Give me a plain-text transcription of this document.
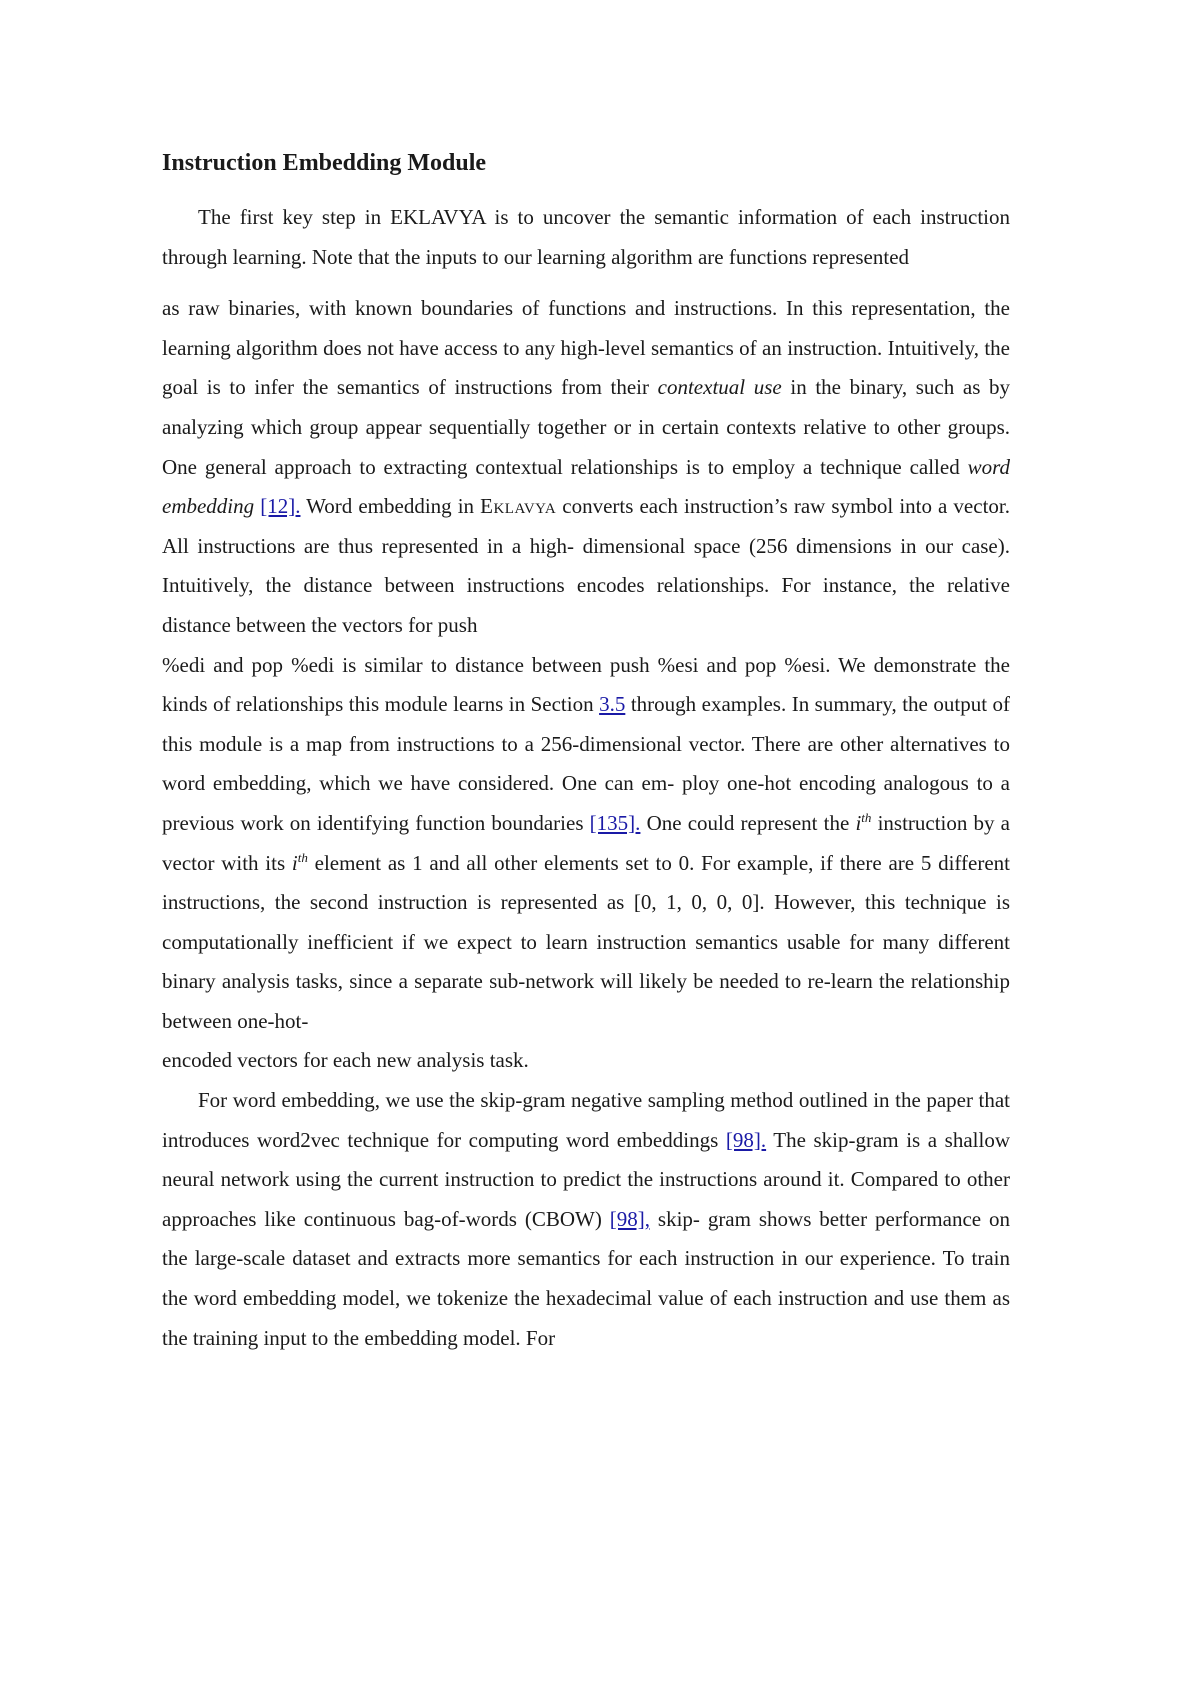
Instruction Embedding Module

The first key step in EKLAVYA is to uncover the semantic information of each instruction through learning. Note that the inputs to our learning algorithm are functions represented

as raw binaries, with known boundaries of functions and instructions. In this representation, the learning algorithm does not have access to any high-level semantics of an instruction. Intuitively, the goal is to infer the semantics of instructions from their contextual use in the binary, such as by analyzing which group appear sequentially together or in certain contexts relative to other groups. One general approach to extracting contextual relationships is to employ a technique called word embedding [12]. Word embedding in Eklavya converts each instruction’s raw symbol into a vector. All instructions are thus represented in a high- dimensional space (256 dimensions in our case). Intuitively, the distance between instructions encodes relationships. For instance, the relative distance between the vectors for push

%edi and pop %edi is similar to distance between push %esi and pop %esi. We demonstrate the kinds of relationships this module learns in Section 3.5 through examples. In summary, the output of this module is a map from instructions to a 256-dimensional vector. There are other alternatives to word embedding, which we have considered. One can em- ploy one-hot encoding analogous to a previous work on identifying function boundaries [135]. One could represent the $i^{th}$ instruction by a vector with its $i^{th}$ element as 1 and all other elements set to 0. For example, if there are 5 different instructions, the second instruction is represented as [0, 1, 0, 0, 0]. However, this technique is computationally inefficient if we expect to learn instruction semantics usable for many different binary analysis tasks, since a separate sub-network will likely be needed to re-learn the relationship between one-hot-

encoded vectors for each new analysis task.

For word embedding, we use the skip-gram negative sampling method outlined in the paper that introduces word2vec technique for computing word embeddings [98]. The skip-gram is a shallow neural network using the current instruction to predict the instructions around it. Compared to other approaches like continuous bag-of-words (CBOW) [98], skip- gram shows better performance on the large-scale dataset and extracts more semantics for each instruction in our experience. To train the word embedding model, we tokenize the hexadecimal value of each instruction and use them as the training input to the embedding model. For
